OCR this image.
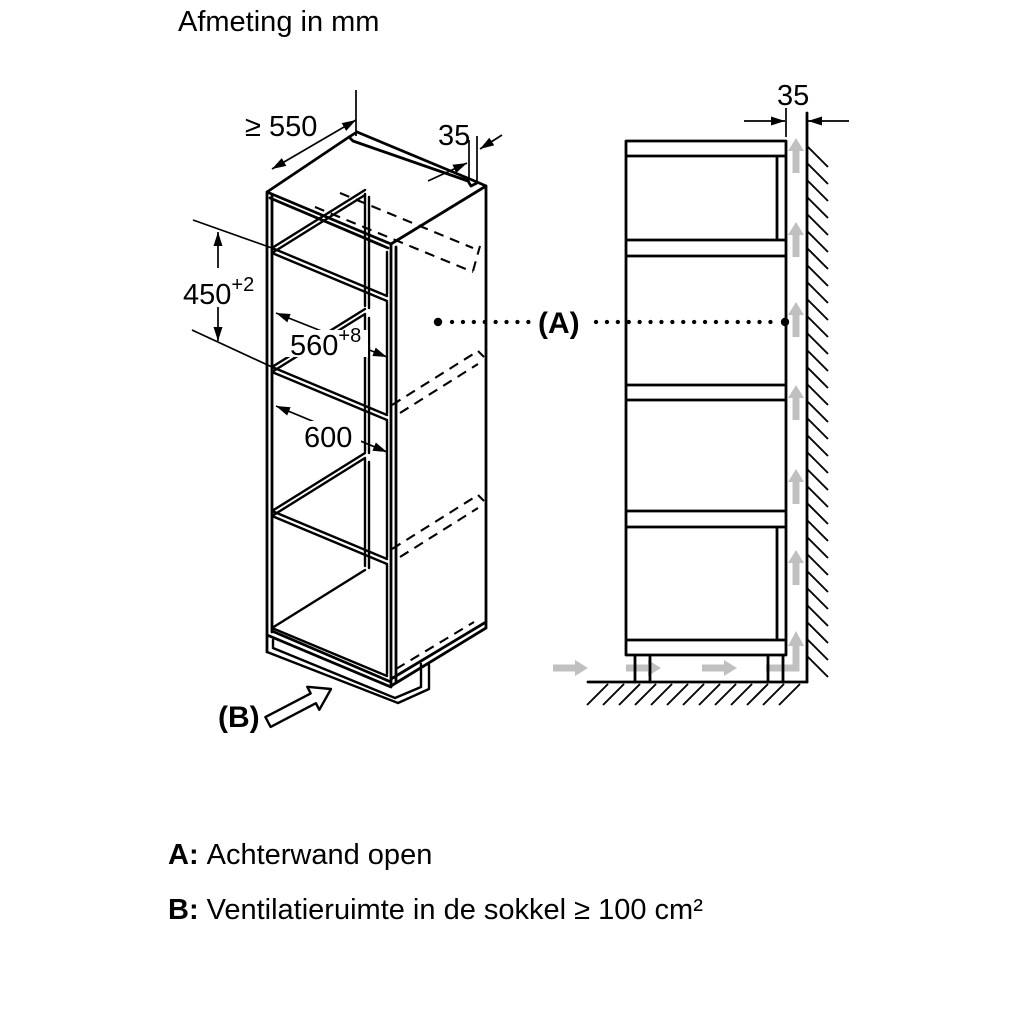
Afmeting in mm
≥ 550	35
$450^{+2}$
$560^{+8}$
600
(B)
(A)
35
A: Achterwand open
B: Ventilatieruimte in de sokkel ≥ 100 cm²
